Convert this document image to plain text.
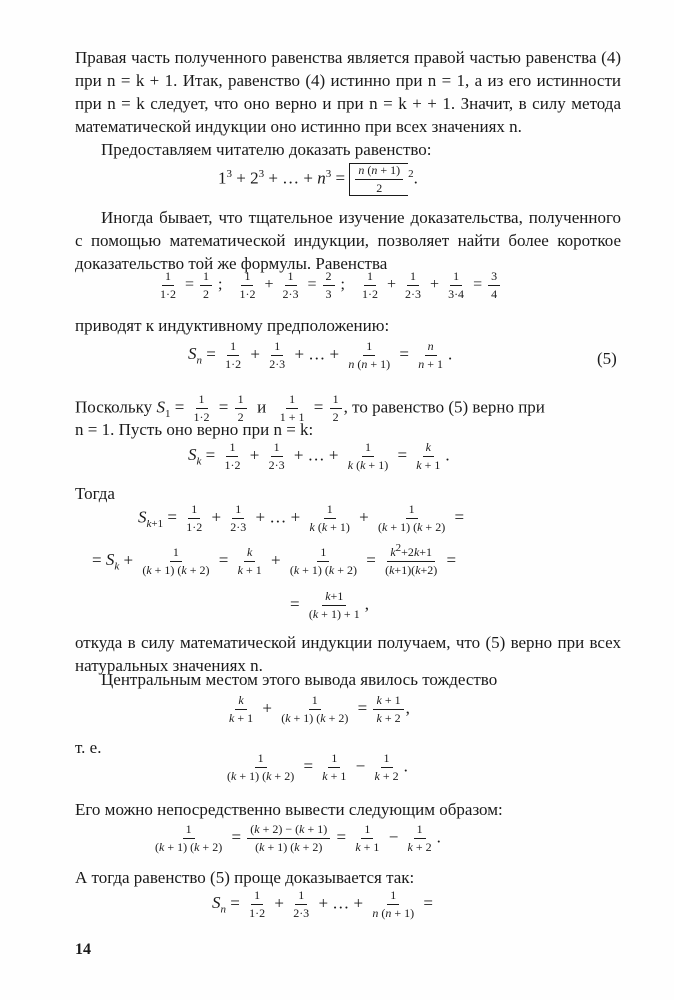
Правая часть полученного равенства является правой частью равенства (4) при n = k + 1. Итак, равенство (4) истинно при n = 1, а из его истинности при n = k следует, что оно верно и при n = k + + 1. Значит, в силу метода математической индукции оно истинно при всех значениях n.

Предоставляем читателю доказать равенство:

$1^3 + 2^3$ + … + $n^3 = \frac{n (n + 1)}{2} ^2$.

Иногда бывает, что тщательное изучение доказательства, полученного с помощью математической индукции, позволяет найти более короткое доказательство той же формулы. Равенства

$\frac{1}{1\cdot 2} = \frac{1}{2}$ ; $\frac{1}{1\cdot 2} + \frac{1}{2\cdot 3} = \frac{2}{3}$ ; $\frac{1}{1\cdot 2} + \frac{1}{2\cdot 3} + \frac{1}{3\cdot 4} = \frac{3}{4}$

приводят к индуктивному предположению:

$S_n = \frac{1}{1\cdot 2} + \frac{1}{2\cdot 3}$ + … + $\frac{1}{n (n + 1)} = \frac{n}{n + 1}$ .	(5)
Поскольку $S_1 = \frac{1}{1\cdot 2} = \frac{1}{2}$ и $\frac{1}{1 + 1} = \frac{1}{2}$ , то равенство (5) верно при

n = 1. Пусть оно верно при n = k:

$S_k = \frac{1}{1\cdot 2} + \frac{1}{2\cdot 3}$ + … + $\frac{1}{k (k + 1)} = \frac{k}{k + 1}$ .

Тогда

$S_{k+1} = \frac{1}{1\cdot 2} + \frac{1}{2\cdot 3}$ + … + $\frac{1}{k (k + 1)} + \frac{1}{(k + 1) (k + 2)}$ =
= $S_k + \frac{1}{(k + 1) (k + 2)} = \frac{k}{k + 1} + \frac{1}{(k + 1) (k + 2)} = \frac{k^2+2k+1}{(k+1)(k+2)}$ =
= $\frac{k+1}{(k + 1) + 1}$ ,

откуда в силу математической индукции получаем, что (5) верно при всех натуральных значениях n.

Центральным местом этого вывода явилось тождество

$\frac{k}{k + 1} + \frac{1}{(k + 1) (k + 2)} = \frac{k + 1}{k + 2}$ ,

т. е.

$\frac{1}{(k + 1) (k + 2)} = \frac{1}{k + 1} - \frac{1}{k + 2}$ .

Его можно непосредственно вывести следующим образом:

$\frac{1}{(k + 1) (k + 2)} = \frac{(k + 2) - (k + 1)}{(k + 1) (k + 2)} = \frac{1}{k + 1} - \frac{1}{k + 2}$ .

А тогда равенство (5) проще доказывается так:

$S_n = \frac{1}{1\cdot 2} + \frac{1}{2\cdot 3}$ + … + $\frac{1}{n (n + 1)}$ =
14
